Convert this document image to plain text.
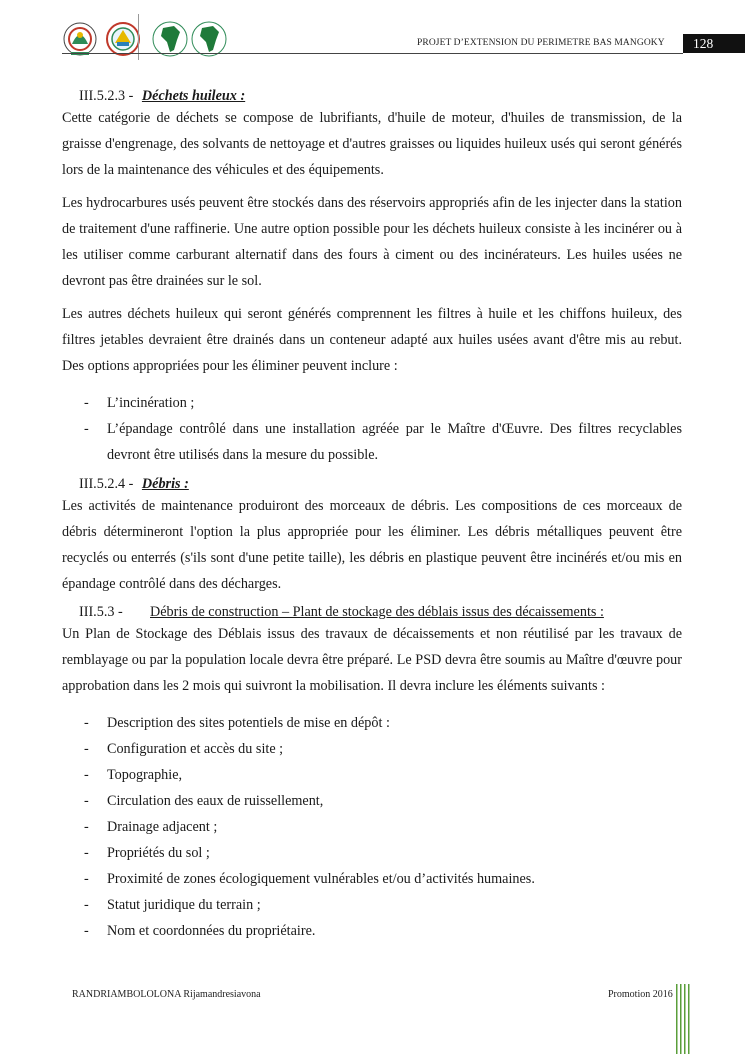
PROJET D’EXTENSION DU PERIMETRE BAS MANGOKY	128
III.5.2.3 - Déchets huileux :

Cette catégorie de déchets se compose de lubrifiants, d'huile de moteur, d'huiles de transmission, de la graisse d'engrenage, des solvants de nettoyage et d'autres graisses ou liquides huileux usés qui seront générés lors de la maintenance des véhicules et des équipements.

Les hydrocarbures usés peuvent être stockés dans des réservoirs appropriés afin de les injecter dans la station de traitement d'une raffinerie. Une autre option possible pour les déchets huileux consiste à les incinérer ou à les utiliser comme carburant alternatif dans des fours à ciment ou des incinérateurs. Les huiles usées ne devront pas être drainées sur le sol.

Les autres déchets huileux qui seront générés comprennent les filtres à huile et les chiffons huileux, des filtres jetables devraient être drainés dans un conteneur adapté aux huiles usées avant d'être mis au rebut. Des options appropriées pour les éliminer peuvent inclure :

- L’incinération ;
- L’épandage contrôlé dans une installation agréée par le Maître d'Œuvre. Des filtres recyclables devront être utilisés dans la mesure du possible.
III.5.2.4 - Débris :

Les activités de maintenance produiront des morceaux de débris. Les compositions de ces morceaux de débris détermineront l'option la plus appropriée pour les éliminer. Les débris métalliques peuvent être recyclés ou enterrés (s'ils sont d'une petite taille), les débris en plastique peuvent être incinérés et/ou mis en épandage contrôlé dans des décharges.

III.5.3 - Débris de construction – Plant de stockage des déblais issus des décaissements :

Un Plan de Stockage des Déblais issus des travaux de décaissements et non réutilisé par les travaux de remblayage ou par la population locale devra être préparé. Le PSD devra être soumis au Maître d'œuvre pour approbation dans les 2 mois qui suivront la mobilisation. Il devra inclure les éléments suivants :

- Description des sites potentiels de mise en dépôt :
- Configuration et accès du site ;
- Topographie,
- Circulation des eaux de ruissellement,
- Drainage adjacent ;
- Propriétés du sol ;
- Proximité de zones écologiquement vulnérables et/ou d’activités humaines.
- Statut juridique du terrain ;
- Nom et coordonnées du propriétaire.
RANDRIAMBOLOLONA Rijamandresiavona	Promotion 2016
